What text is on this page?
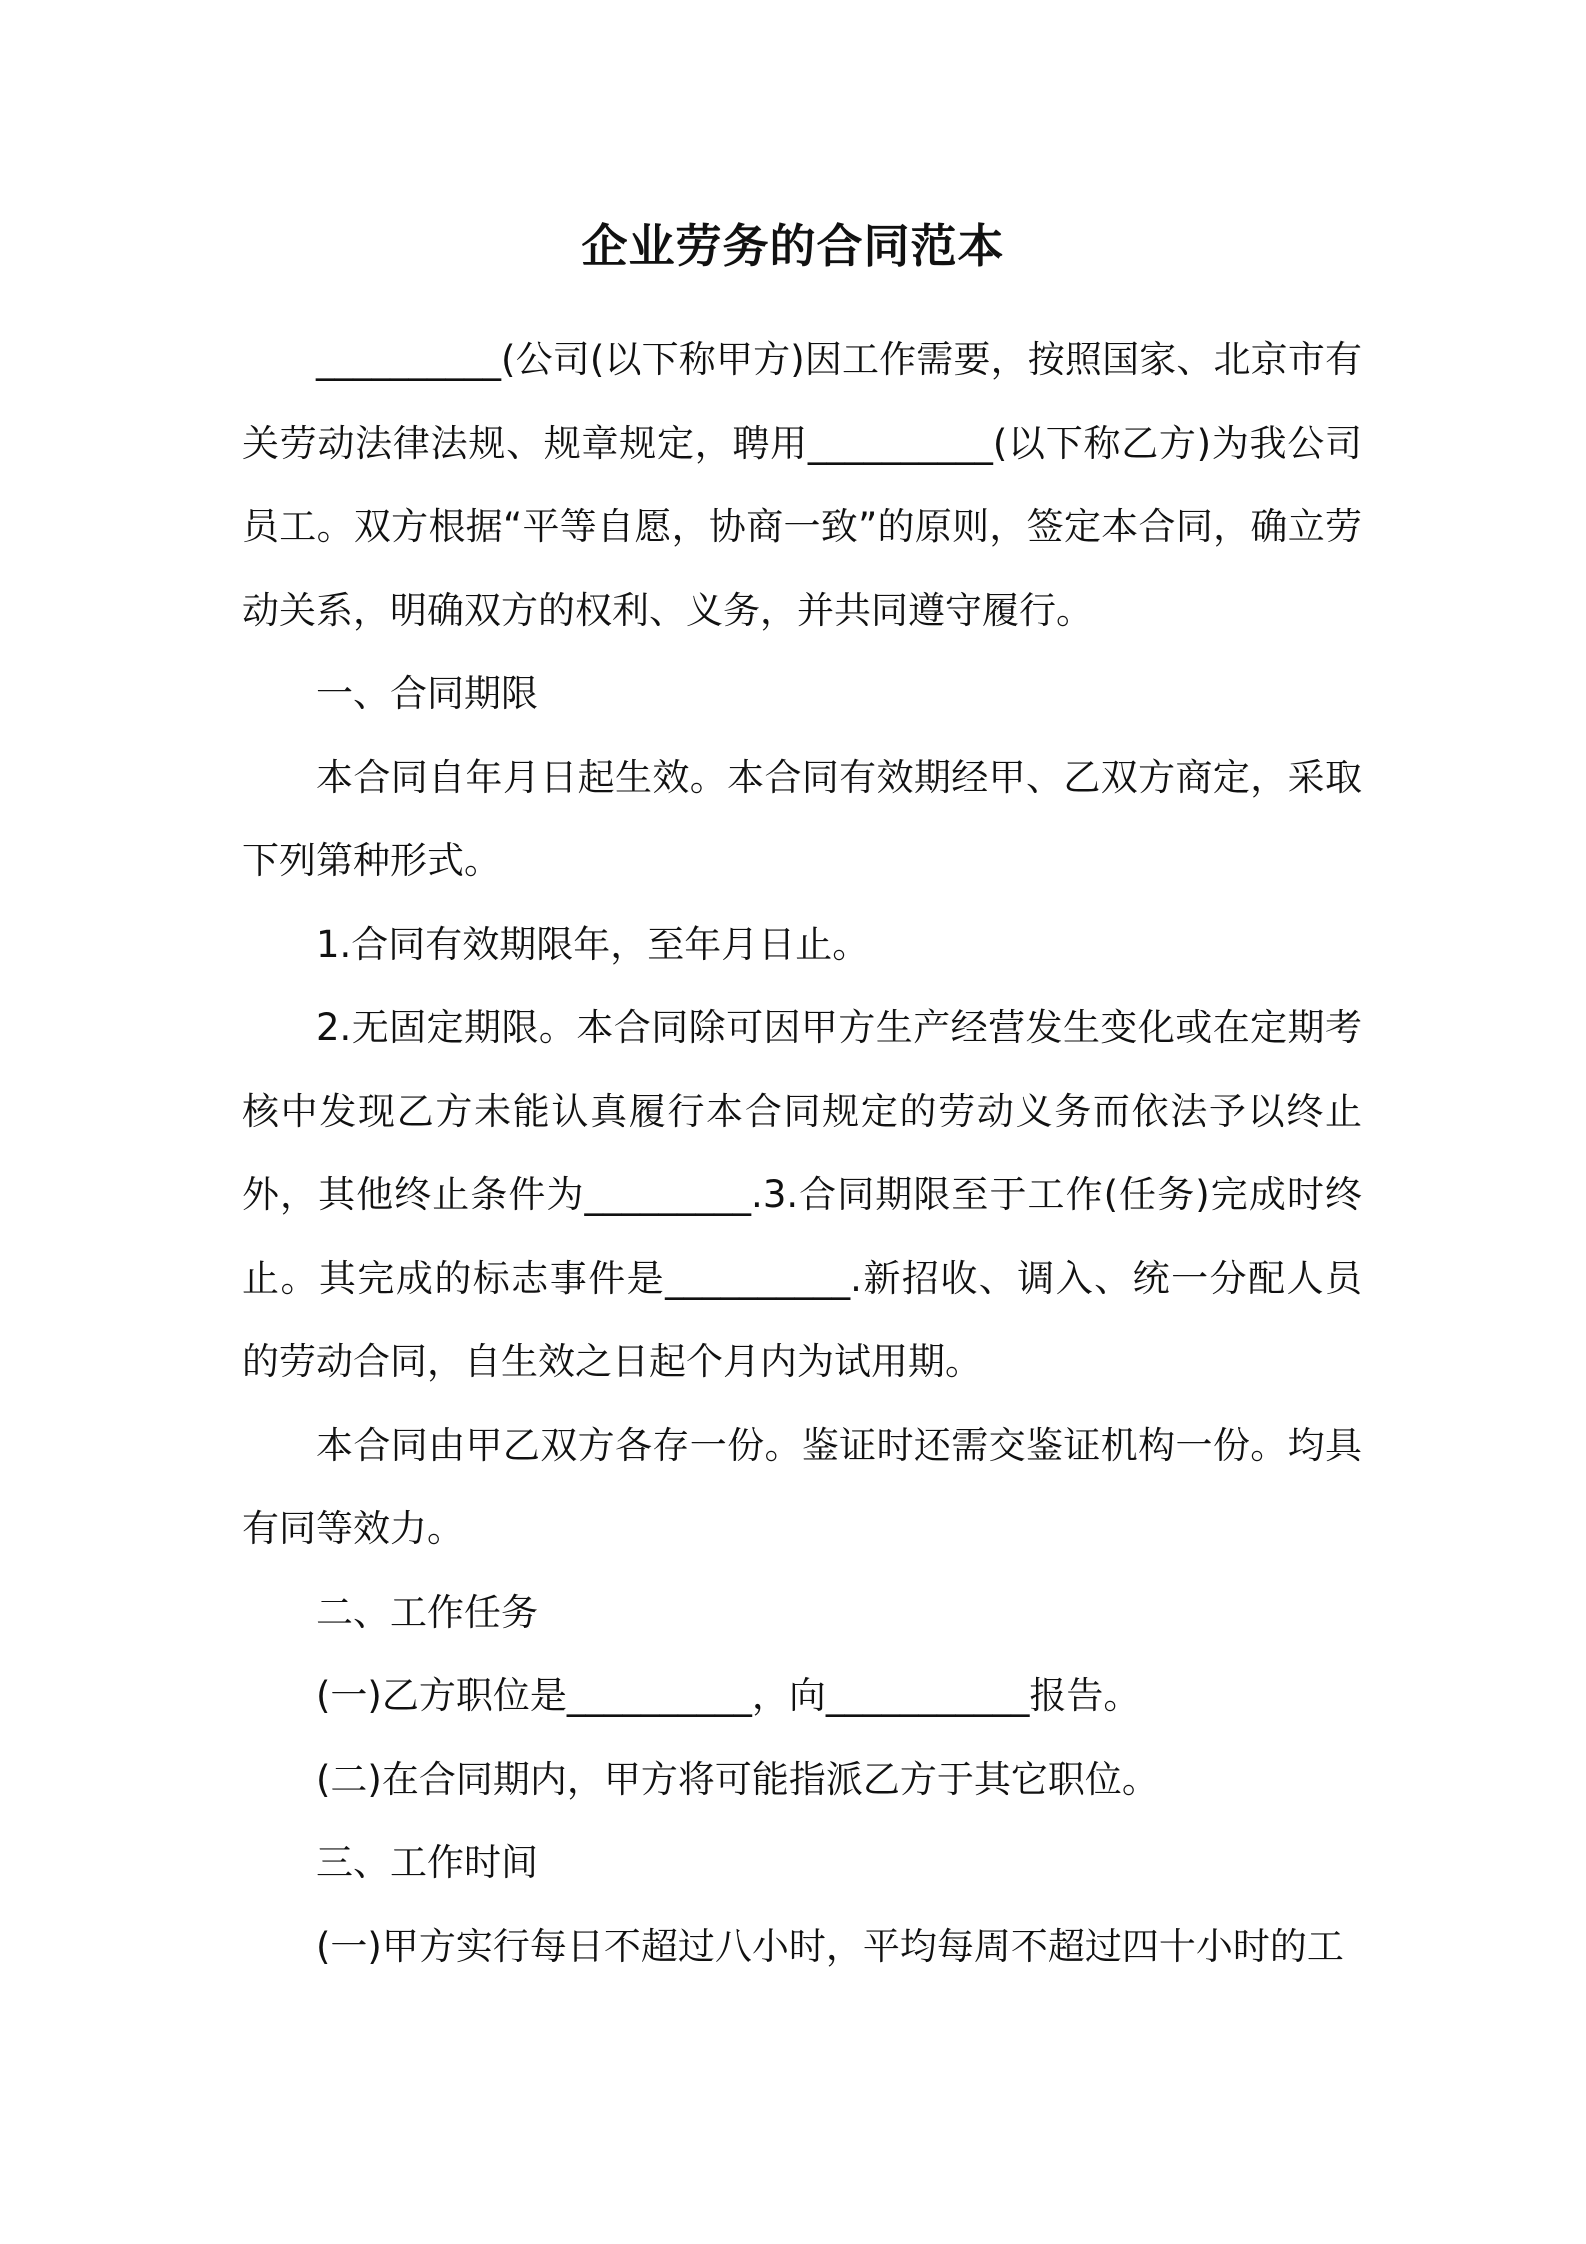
企业劳务的合同范本

__________(公司(以下称甲方)因工作需要，按照国家、北京市有关劳动法律法规、规章规定，聘用__________(以下称乙方)为我公司员工。双方根据“平等自愿，协商一致”的原则，签定本合同，确立劳动关系，明确双方的权利、义务，并共同遵守履行。

一、合同期限

本合同自年月日起生效。本合同有效期经甲、乙双方商定，采取下列第种形式。

1.合同有效期限年，至年月日止。

2.无固定期限。本合同除可因甲方生产经营发生变化或在定期考核中发现乙方未能认真履行本合同规定的劳动义务而依法予以终止外，其他终止条件为_________.3.合同期限至于工作(任务)完成时终止。其完成的标志事件是__________.新招收、调入、统一分配人员的劳动合同，自生效之日起个月内为试用期。

本合同由甲乙双方各存一份。鉴证时还需交鉴证机构一份。均具有同等效力。

二、工作任务

(一)乙方职位是__________，向___________报告。

(二)在合同期内，甲方将可能指派乙方于其它职位。

三、工作时间

(一)甲方实行每日不超过八小时，平均每周不超过四十小时的工
